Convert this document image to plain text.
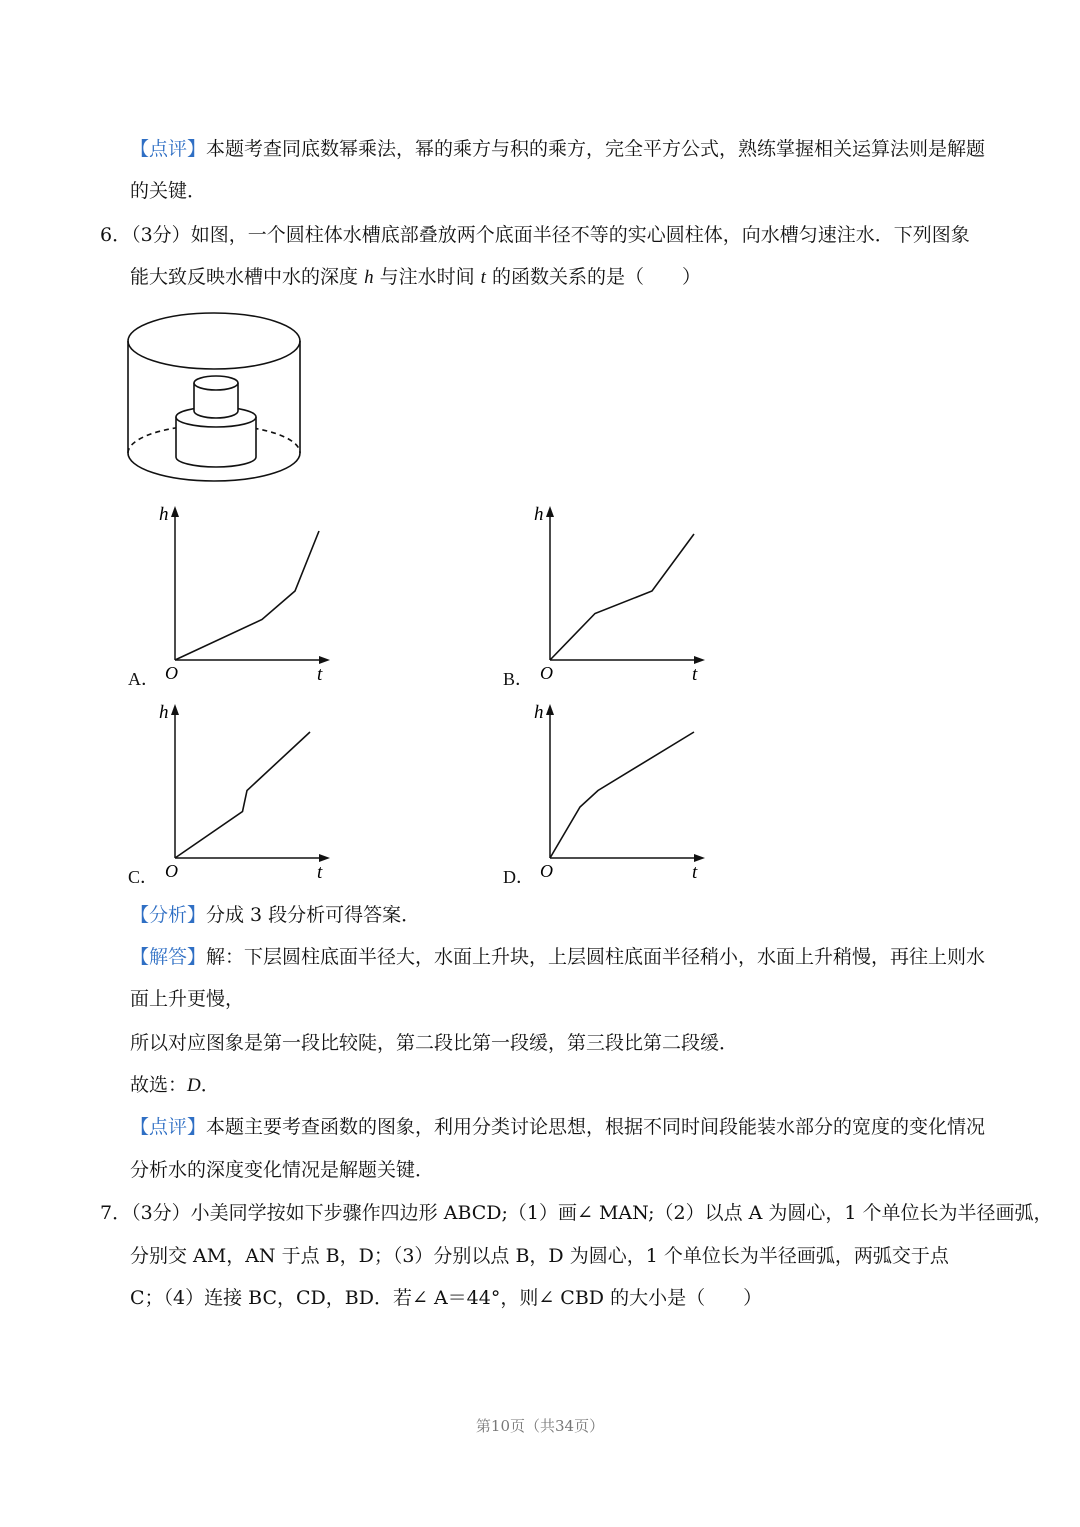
【点评】本题考查同底数幂乘法，幂的乘方与积的乘方，完全平方公式，熟练掌握相关运算法则是解题
的关键．
6．（3分）如图，一个圆柱体水槽底部叠放两个底面半径不等的实心圆柱体，向水槽匀速注水．下列图象
能大致反映水槽中水的深度 h 与注水时间 t 的函数关系的是（　　）
A．
h
t
O	B．
h
t
O
C．
h
t
O	D．
h
t
O
【分析】分成 3 段分析可得答案．
【解答】解：下层圆柱底面半径大，水面上升块，上层圆柱底面半径稍小，水面上升稍慢，再往上则水
面上升更慢，
所以对应图象是第一段比较陡，第二段比第一段缓，第三段比第二段缓．
故选：D．
【点评】本题主要考查函数的图象，利用分类讨论思想，根据不同时间段能装水部分的宽度的变化情况
分析水的深度变化情况是解题关键．
7．（3分）小美同学按如下步骤作四边形 ABCD;（1）画∠ MAN;（2）以点 A 为圆心，1 个单位长为半径画弧，
分别交 AM，AN 于点 B，D；（3）分别以点 B，D 为圆心，1 个单位长为半径画弧，两弧交于点
C；（4）连接 BC，CD，BD．若∠ A＝44°，则∠ CBD 的大小是（　　）
第10页（共34页）
